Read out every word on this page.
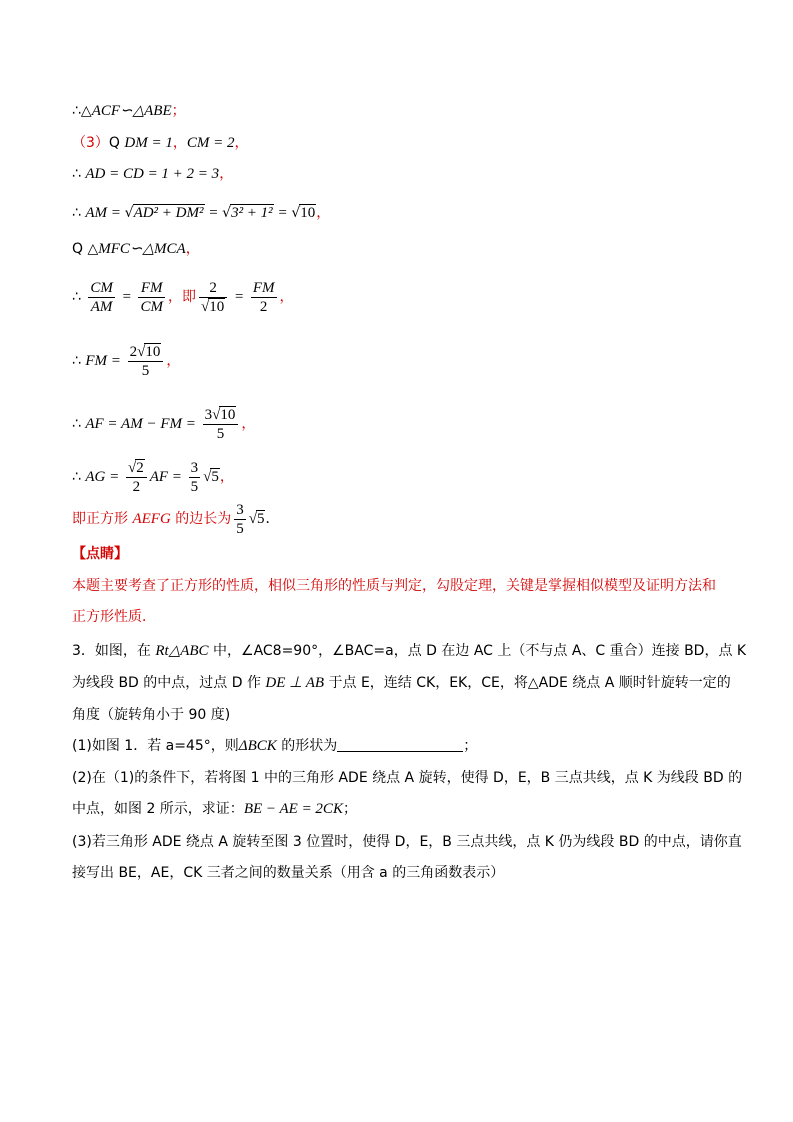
∴△ACF∽△ABE；
（3）Q DM = 1，CM = 2，
∴ AD = CD = 1 + 2 = 3，
∴ AM = √AD² + DM² = √3² + 1² = √10，
Q △MFC∽△MCA，
∴ $\frac{CM}{AM} = \frac{FM}{CM}$ ，即 $\frac{2}{√10} = \frac{FM}{2}$ ，
∴ FM = $\frac{2√10}{5}$ ，
∴ AF = AM − FM = $\frac{3√10}{5}$ ，
∴ AG = $\frac{√2}{2}$ AF = $\frac{3}{5} √5$，
即正方形 AEFG 的边长为 $\frac{3}{5} √5$．
【点睛】
本题主要考查了正方形的性质，相似三角形的性质与判定，勾股定理，关键是掌握相似模型及证明方法和
正方形性质．
3．如图，在 Rt△ABC 中，∠AC8=90°，∠BAC=a，点 D 在边 AC 上（不与点 A、C 重合）连接 BD，点 K
为线段 BD 的中点，过点 D 作 DE ⊥ AB 于点 E，连结 CK，EK，CE，将△ADE 绕点 A 顺时针旋转一定的
角度（旋转角小于 90 度)
(1)如图 1．若 a=45°，则ΔBCK 的形状为	；
(2)在（1)的条件下，若将图 1 中的三角形 ADE 绕点 A 旋转，使得 D，E，B 三点共线，点 K 为线段 BD 的
中点，如图 2 所示，求证：BE − AE = 2CK；
(3)若三角形 ADE 绕点 A 旋转至图 3 位置时，使得 D，E，B 三点共线，点 K 仍为线段 BD 的中点，请你直
接写出 BE，AE，CK 三者之间的数量关系（用含 a 的三角函数表示）
